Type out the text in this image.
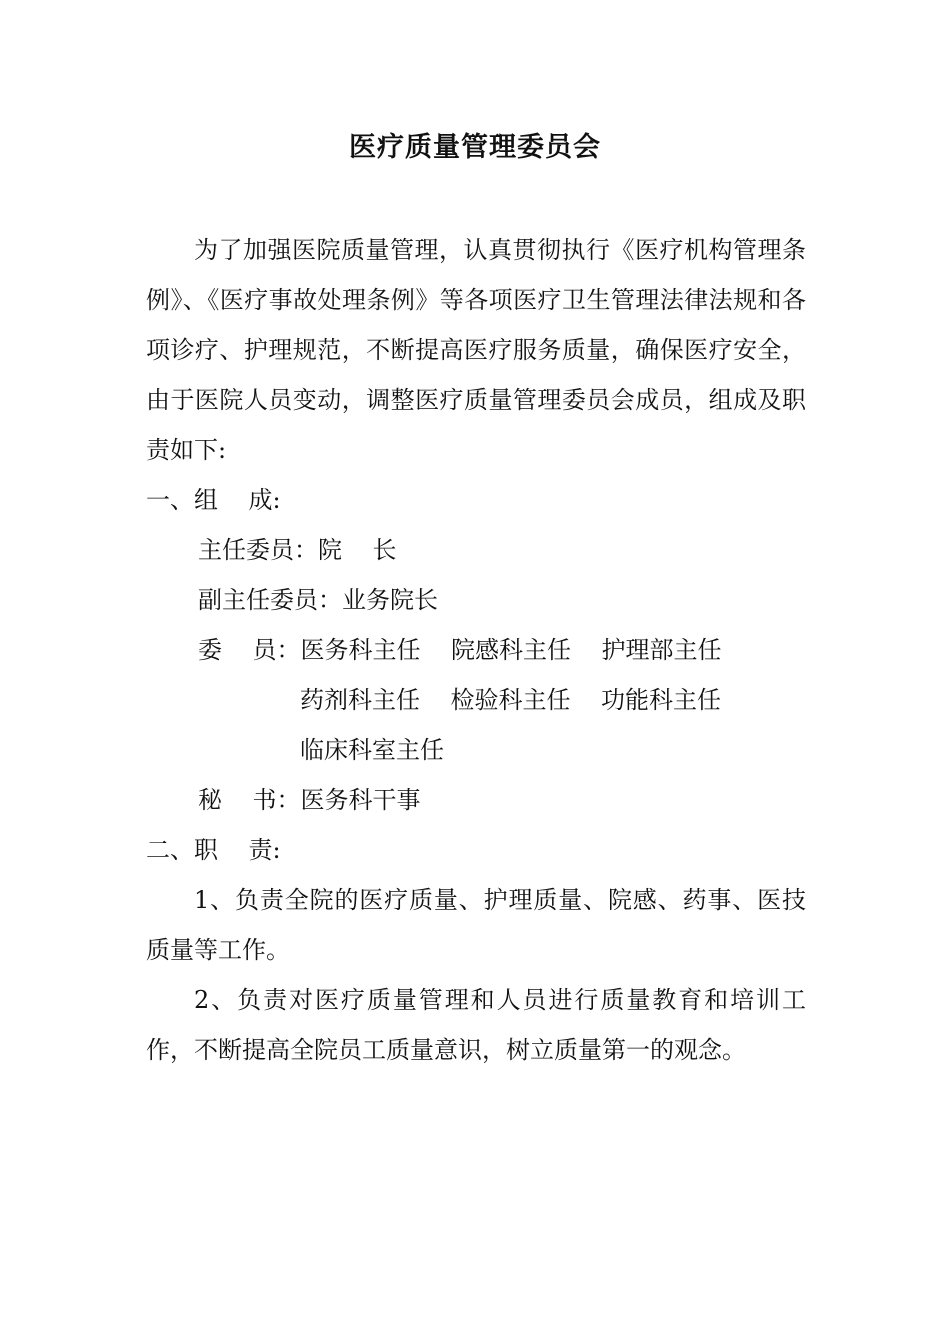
医疗质量管理委员会

为了加强医院质量管理，认真贯彻执行《医疗机构管理条例》、《医疗事故处理条例》等各项医疗卫生管理法律法规和各项诊疗、护理规范，不断提高医疗服务质量，确保医疗安全，由于医院人员变动，调整医疗质量管理委员会成员，组成及职责如下:

一、组    成:
主任委员：院    长
副主任委员：业务院长
委    员：医务科主任    院感科主任    护理部主任
药剂科主任    检验科主任    功能科主任
临床科室主任
秘    书：医务科干事
二、职    责:

1、负责全院的医疗质量、护理质量、院感、药事、医技质量等工作。

2、负责对医疗质量管理和人员进行质量教育和培训工作，不断提高全院员工质量意识，树立质量第一的观念。
